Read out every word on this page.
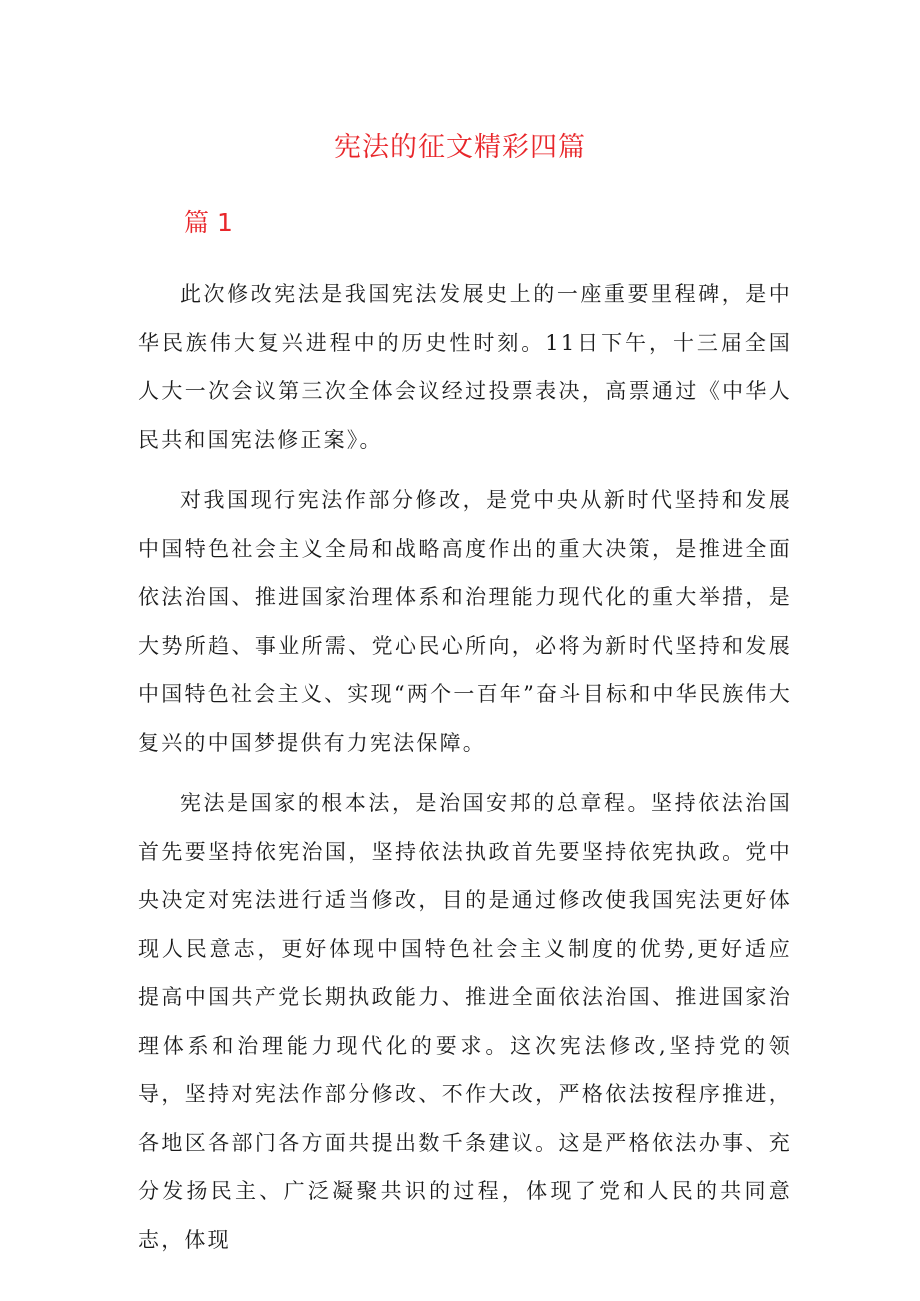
宪法的征文精彩四篇
篇 1

此次修改宪法是我国宪法发展史上的一座重要里程碑，是中华民族伟大复兴进程中的历史性时刻。11日下午，十三届全国人大一次会议第三次全体会议经过投票表决，高票通过《中华人民共和国宪法修正案》。

对我国现行宪法作部分修改，是党中央从新时代坚持和发展中国特色社会主义全局和战略高度作出的重大决策，是推进全面依法治国、推进国家治理体系和治理能力现代化的重大举措，是大势所趋、事业所需、党心民心所向，必将为新时代坚持和发展中国特色社会主义、实现“两个一百年”奋斗目标和中华民族伟大复兴的中国梦提供有力宪法保障。

宪法是国家的根本法，是治国安邦的总章程。坚持依法治国首先要坚持依宪治国，坚持依法执政首先要坚持依宪执政。党中央决定对宪法进行适当修改，目的是通过修改使我国宪法更好体现人民意志，更好体现中国特色社会主义制度的优势,更好适应提高中国共产党长期执政能力、推进全面依法治国、推进国家治理体系和治理能力现代化的要求。这次宪法修改,坚持党的领导，坚持对宪法作部分修改、不作大改，严格依法按程序推进，各地区各部门各方面共提出数千条建议。这是严格依法办事、充分发扬民主、广泛凝聚共识的过程，体现了党和人民的共同意志，体现
